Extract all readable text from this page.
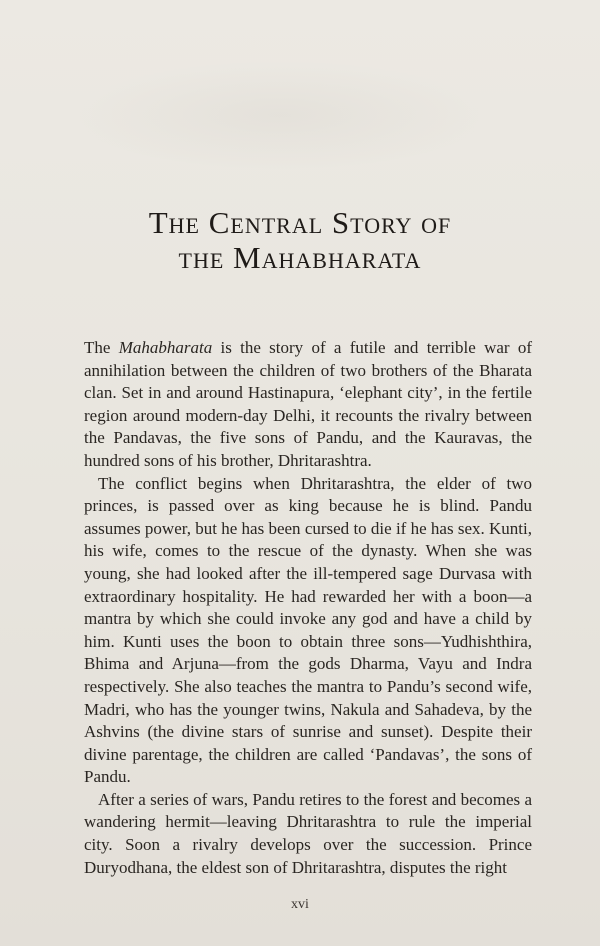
The Central Story of
the Mahabharata

The Mahabharata is the story of a futile and terrible war of annihilation between the children of two brothers of the Bharata clan. Set in and around Hastinapura, ‘elephant city’, in the fertile region around modern-day Delhi, it recounts the rivalry between the Pandavas, the five sons of Pandu, and the Kauravas, the hundred sons of his brother, Dhritarashtra.

The conflict begins when Dhritarashtra, the elder of two princes, is passed over as king because he is blind. Pandu assumes power, but he has been cursed to die if he has sex. Kunti, his wife, comes to the rescue of the dynasty. When she was young, she had looked after the ill-tempered sage Durvasa with extraordinary hospitality. He had rewarded her with a boon—a mantra by which she could invoke any god and have a child by him. Kunti uses the boon to obtain three sons—Yudhishthira, Bhima and Arjuna—from the gods Dharma, Vayu and Indra respectively. She also teaches the mantra to Pandu’s second wife, Madri, who has the younger twins, Nakula and Sahadeva, by the Ashvins (the divine stars of sunrise and sunset). Despite their divine parentage, the children are called ‘Pandavas’, the sons of Pandu.

After a series of wars, Pandu retires to the forest and becomes a wandering hermit—leaving Dhritarashtra to rule the imperial city. Soon a rivalry develops over the succession. Prince Duryodhana, the eldest son of Dhritarashtra, disputes the right

xvi
